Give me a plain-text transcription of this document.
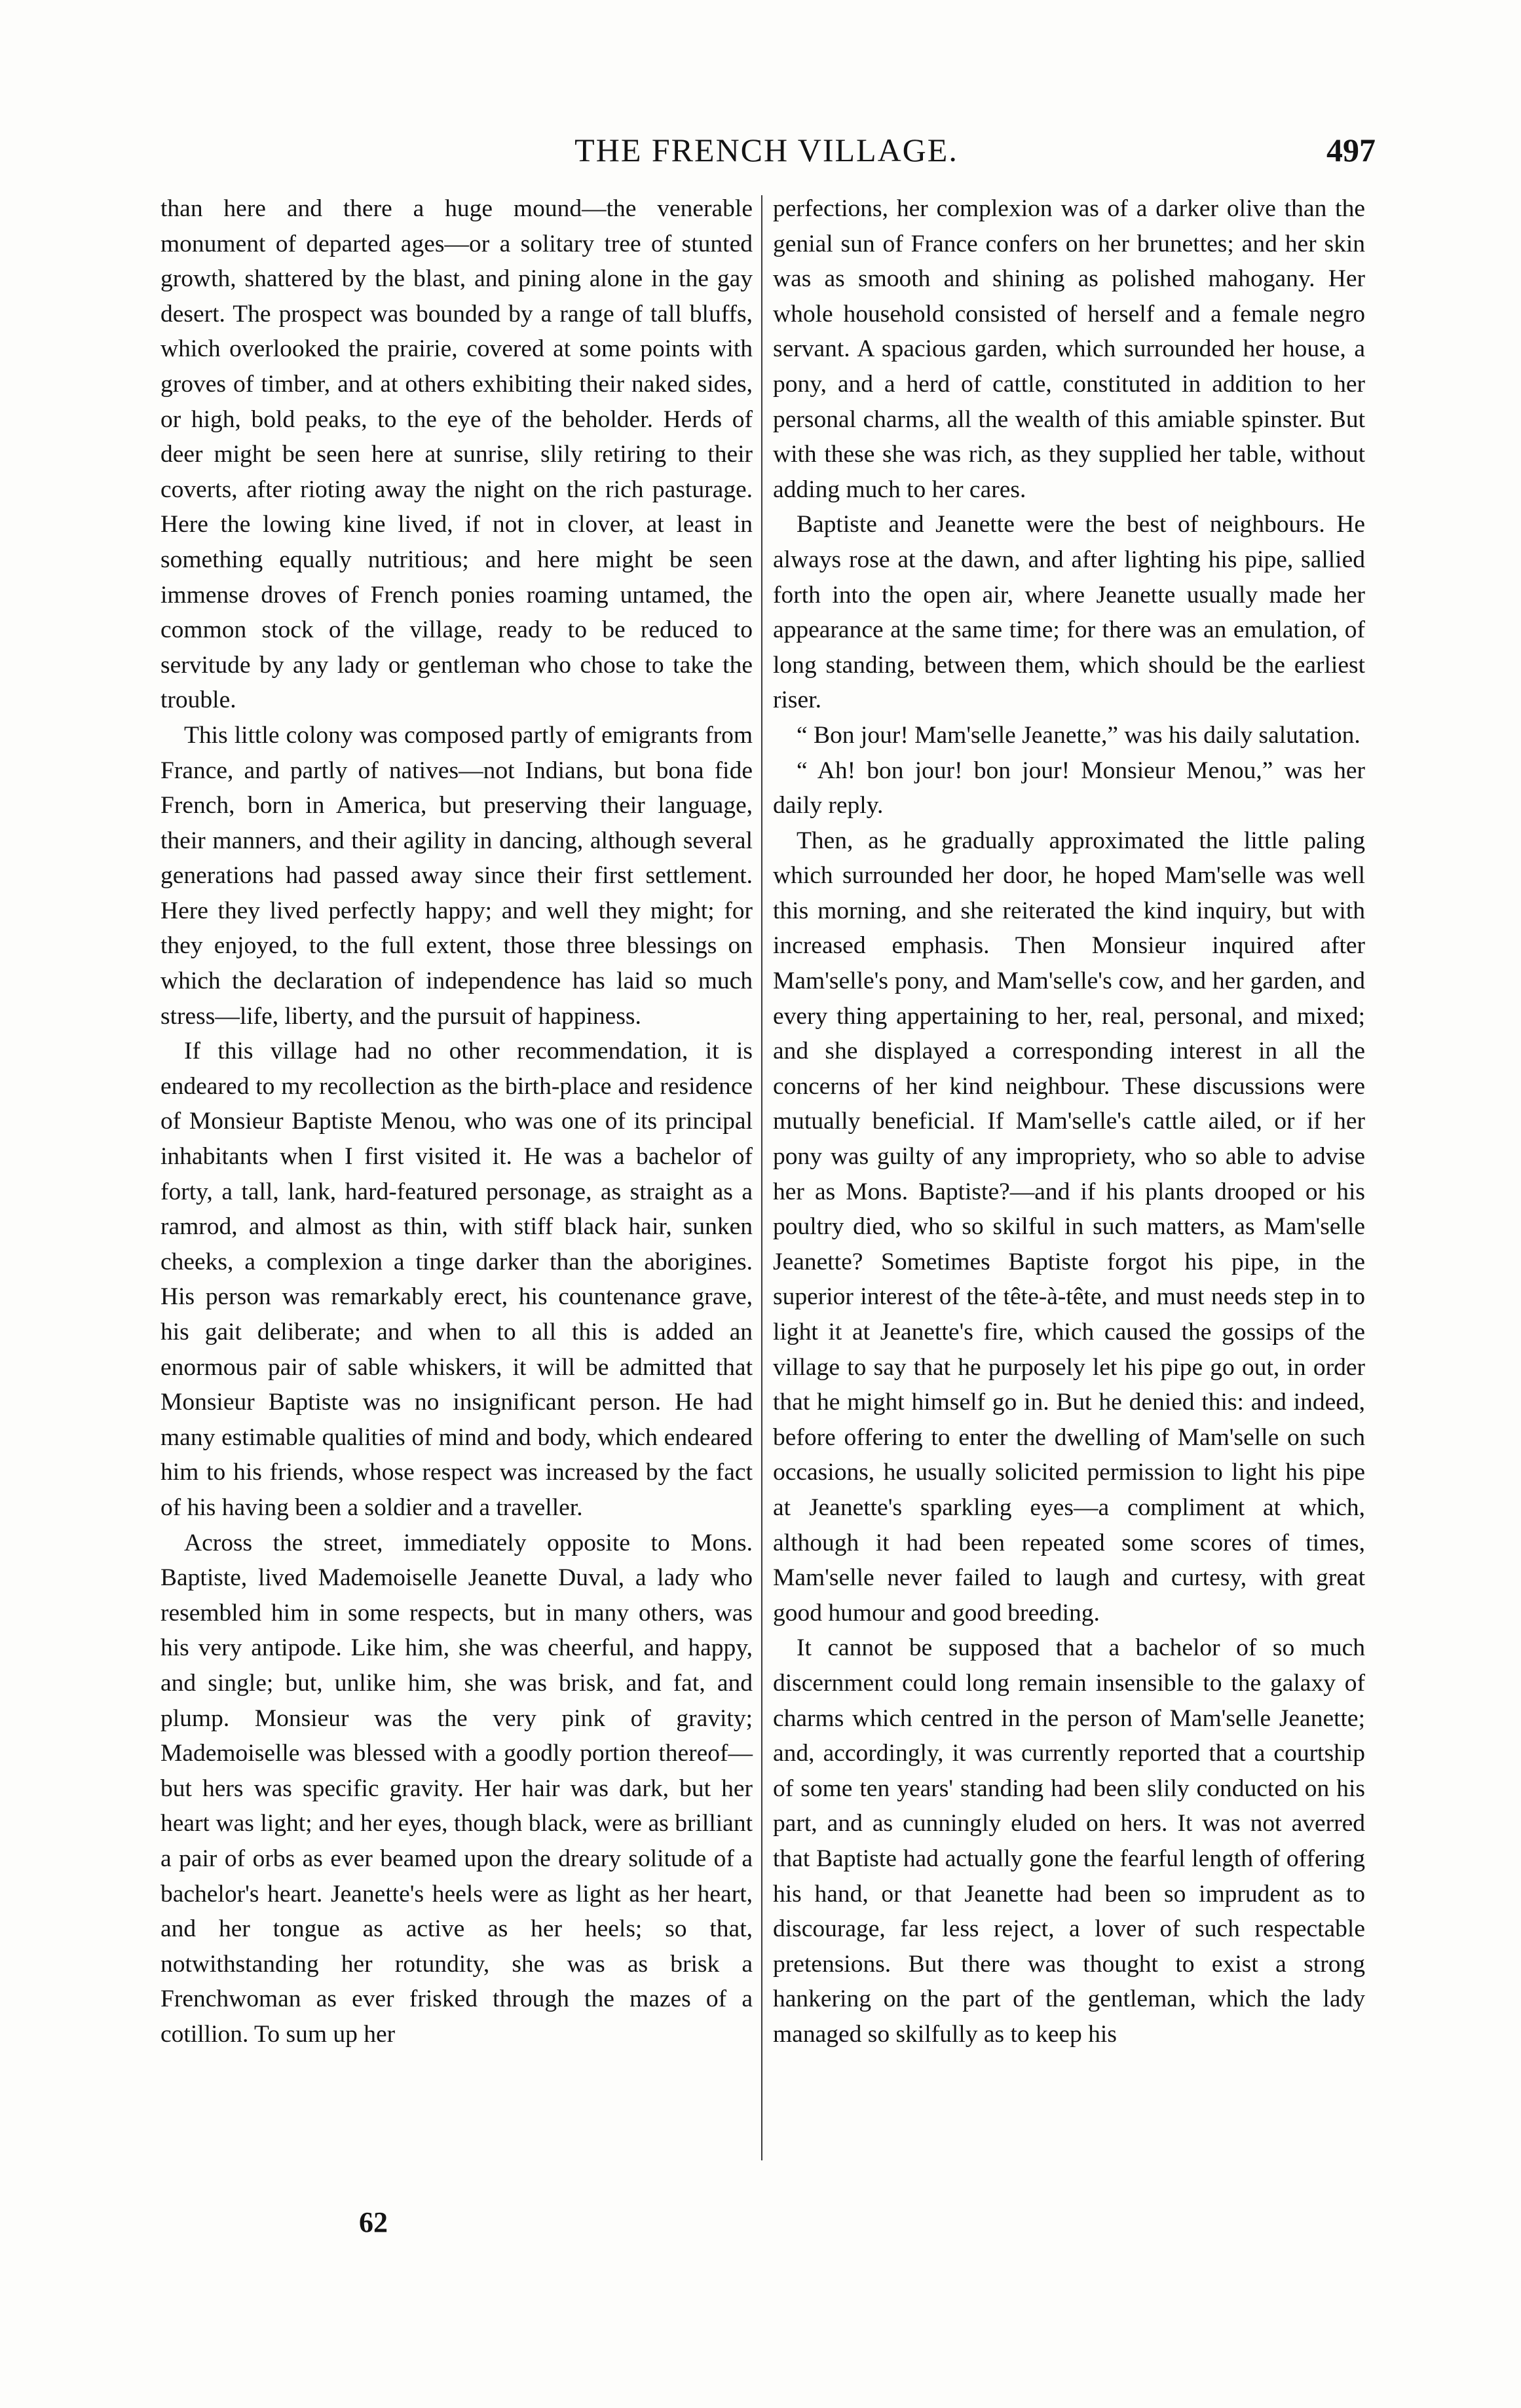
THE FRENCH VILLAGE.	497

than here and there a huge mound—the venerable monument of departed ages—or a solitary tree of stunted growth, shattered by the blast, and pining alone in the gay desert. The prospect was bounded by a range of tall bluffs, which overlooked the prairie, covered at some points with groves of timber, and at others exhibiting their naked sides, or high, bold peaks, to the eye of the beholder. Herds of deer might be seen here at sunrise, slily retiring to their coverts, after rioting away the night on the rich pasturage. Here the lowing kine lived, if not in clover, at least in something equally nutritious; and here might be seen immense droves of French ponies roaming untamed, the common stock of the village, ready to be reduced to servitude by any lady or gentleman who chose to take the trouble.

This little colony was composed partly of emigrants from France, and partly of natives—not Indians, but bona fide French, born in America, but preserving their language, their manners, and their agility in dancing, although several generations had passed away since their first settlement. Here they lived perfectly happy; and well they might; for they enjoyed, to the full extent, those three blessings on which the declaration of independence has laid so much stress—life, liberty, and the pursuit of happiness.

If this village had no other recommendation, it is endeared to my recollection as the birth-place and residence of Monsieur Baptiste Menou, who was one of its principal inhabitants when I first visited it. He was a bachelor of forty, a tall, lank, hard-featured personage, as straight as a ramrod, and almost as thin, with stiff black hair, sunken cheeks, a complexion a tinge darker than the aborigines. His person was remarkably erect, his countenance grave, his gait deliberate; and when to all this is added an enormous pair of sable whiskers, it will be admitted that Monsieur Baptiste was no insignificant person. He had many estimable qualities of mind and body, which endeared him to his friends, whose respect was increased by the fact of his having been a soldier and a traveller.

Across the street, immediately opposite to Mons. Baptiste, lived Mademoiselle Jeanette Duval, a lady who resembled him in some respects, but in many others, was his very antipode. Like him, she was cheerful, and happy, and single; but, unlike him, she was brisk, and fat, and plump. Monsieur was the very pink of gravity; Mademoiselle was blessed with a goodly portion thereof—but hers was specific gravity. Her hair was dark, but her heart was light; and her eyes, though black, were as brilliant a pair of orbs as ever beamed upon the dreary solitude of a bachelor's heart. Jeanette's heels were as light as her heart, and her tongue as active as her heels; so that, notwithstanding her rotundity, she was as brisk a Frenchwoman as ever frisked through the mazes of a cotillion. To sum up her

perfections, her complexion was of a darker olive than the genial sun of France confers on her brunettes; and her skin was as smooth and shining as polished mahogany. Her whole household consisted of herself and a female negro servant. A spacious garden, which surrounded her house, a pony, and a herd of cattle, constituted in addition to her personal charms, all the wealth of this amiable spinster. But with these she was rich, as they supplied her table, without adding much to her cares.

Baptiste and Jeanette were the best of neighbours. He always rose at the dawn, and after lighting his pipe, sallied forth into the open air, where Jeanette usually made her appearance at the same time; for there was an emulation, of long standing, between them, which should be the earliest riser.

“ Bon jour! Mam'selle Jeanette,” was his daily salutation.

“ Ah! bon jour! bon jour! Monsieur Menou,” was her daily reply.

Then, as he gradually approximated the little paling which surrounded her door, he hoped Mam'selle was well this morning, and she reiterated the kind inquiry, but with increased emphasis. Then Monsieur inquired after Mam'selle's pony, and Mam'selle's cow, and her garden, and every thing appertaining to her, real, personal, and mixed; and she displayed a corresponding interest in all the concerns of her kind neighbour. These discussions were mutually beneficial. If Mam'selle's cattle ailed, or if her pony was guilty of any impropriety, who so able to advise her as Mons. Baptiste?—and if his plants drooped or his poultry died, who so skilful in such matters, as Mam'selle Jeanette? Sometimes Baptiste forgot his pipe, in the superior interest of the tête-à-tête, and must needs step in to light it at Jeanette's fire, which caused the gossips of the village to say that he purposely let his pipe go out, in order that he might himself go in. But he denied this: and indeed, before offering to enter the dwelling of Mam'selle on such occasions, he usually solicited permission to light his pipe at Jeanette's sparkling eyes—a compliment at which, although it had been repeated some scores of times, Mam'selle never failed to laugh and curtesy, with great good humour and good breeding.

It cannot be supposed that a bachelor of so much discernment could long remain insensible to the galaxy of charms which centred in the person of Mam'selle Jeanette; and, accordingly, it was currently reported that a courtship of some ten years' standing had been slily conducted on his part, and as cunningly eluded on hers. It was not averred that Baptiste had actually gone the fearful length of offering his hand, or that Jeanette had been so imprudent as to discourage, far less reject, a lover of such respectable pretensions. But there was thought to exist a strong hankering on the part of the gentleman, which the lady managed so skilfully as to keep his

62
